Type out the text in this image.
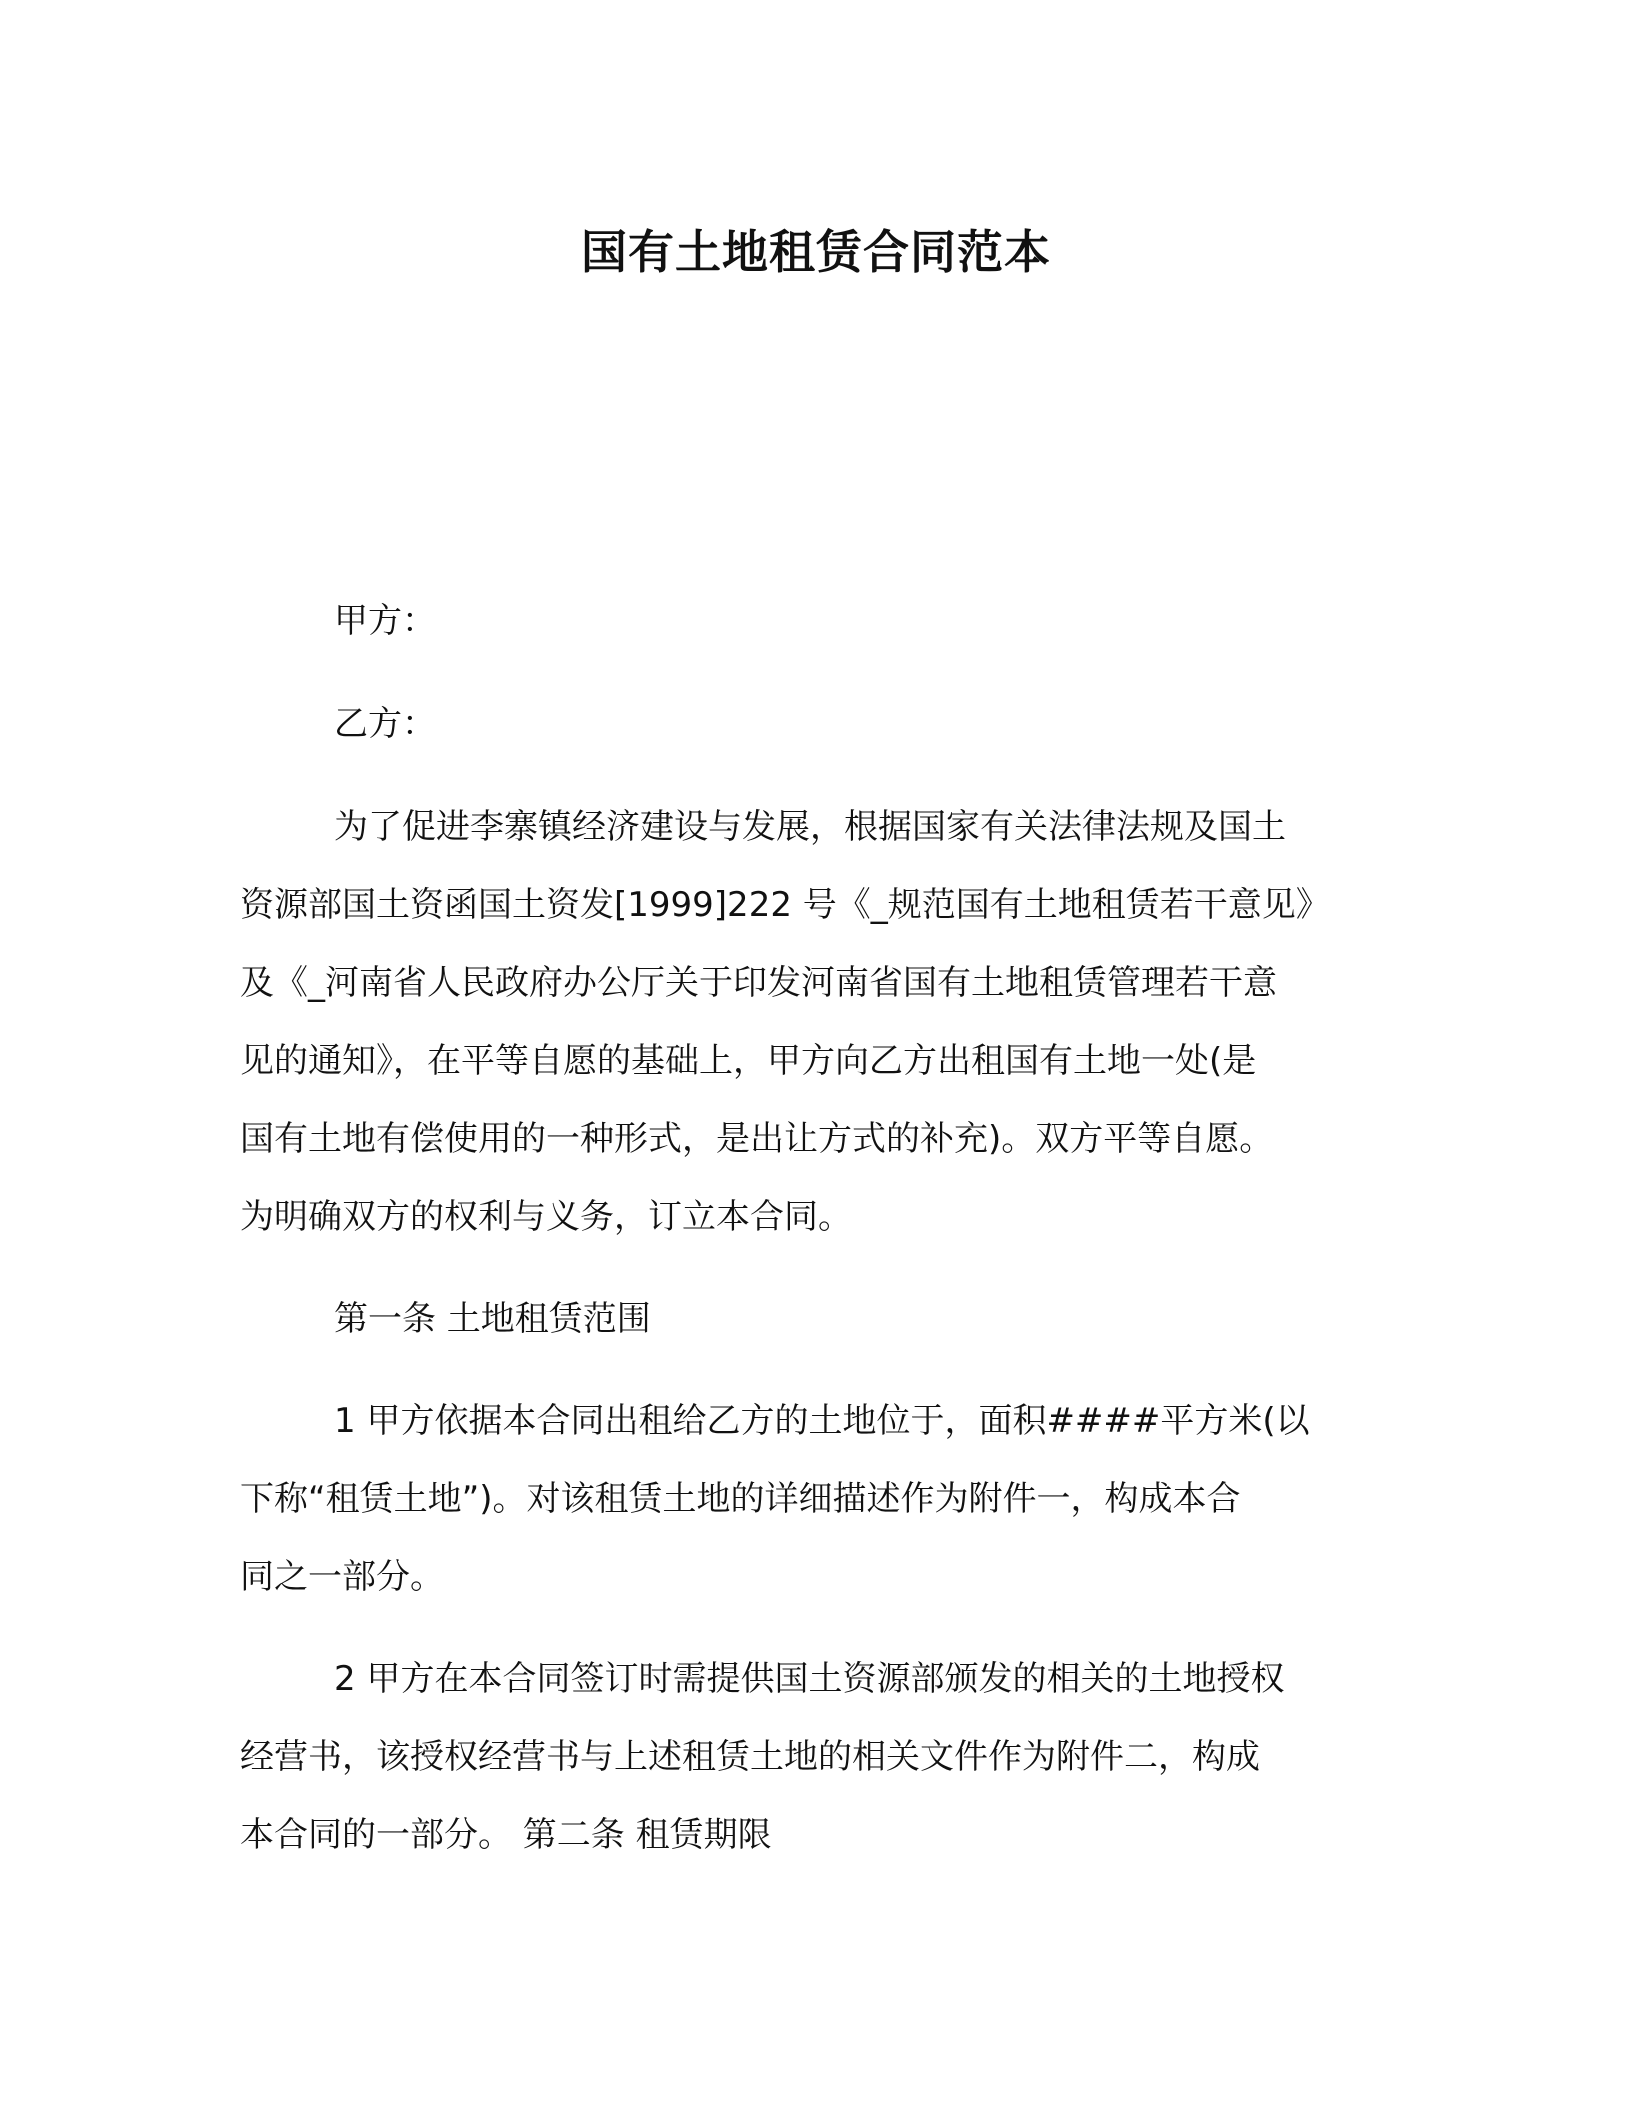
国有土地租赁合同范本

甲方：

乙方：

为了促进李寨镇经济建设与发展，根据国家有关法律法规及国土
资源部国土资函国土资发[1999]222 号《_规范国有土地租赁若干意见》
及《_河南省人民政府办公厅关于印发河南省国有土地租赁管理若干意
见的通知》，在平等自愿的基础上，甲方向乙方出租国有土地一处(是
国有土地有偿使用的一种形式，是出让方式的补充)。双方平等自愿。
为明确双方的权利与义务，订立本合同。

第一条 土地租赁范围

1 甲方依据本合同出租给乙方的土地位于，面积####平方米(以
下称“租赁土地”)。对该租赁土地的详细描述作为附件一，构成本合
同之一部分。

2 甲方在本合同签订时需提供国土资源部颁发的相关的土地授权
经营书，该授权经营书与上述租赁土地的相关文件作为附件二，构成
本合同的一部分。 第二条 租赁期限
